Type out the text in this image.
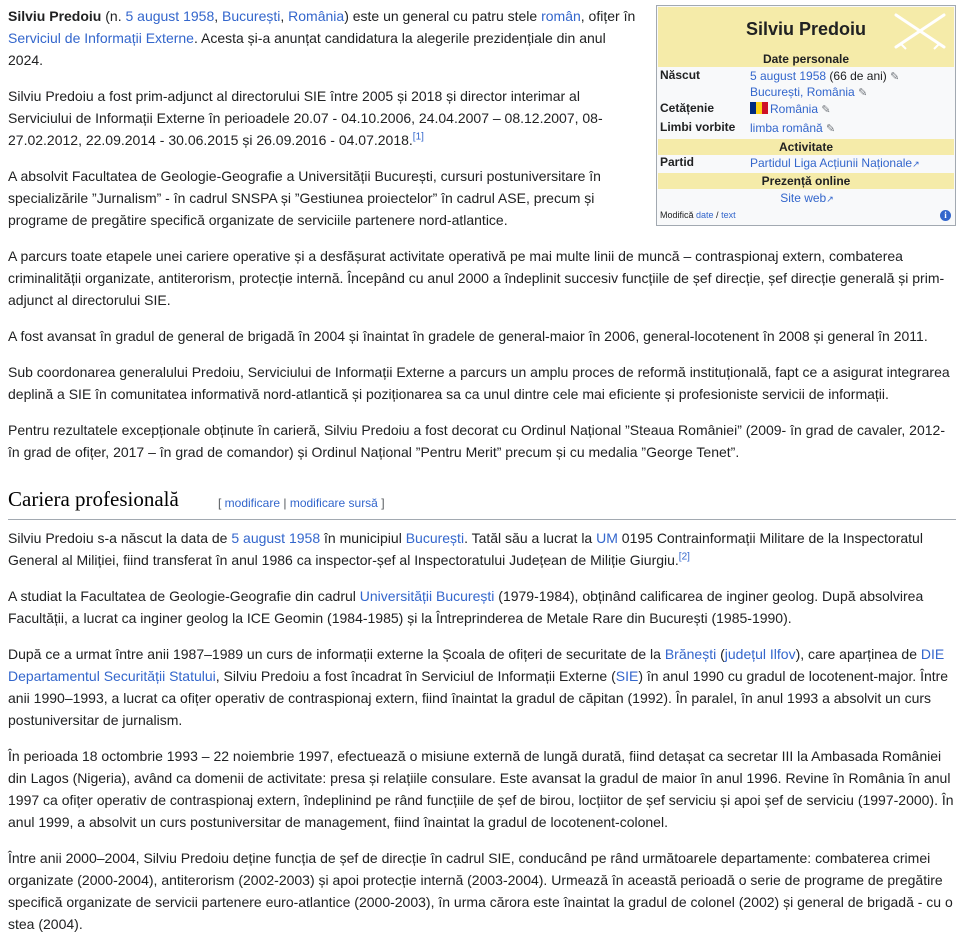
Silviu Predoiu (n. 5 august 1958, București, România) este un general cu patru stele român, ofițer în Serviciul de Informații Externe. Acesta și-a anunțat candidatura la alegerile prezidențiale din anul 2024.

Silviu Predoiu a fost prim-adjunct al directorului SIE între 2005 și 2018 și director interimar al Serviciului de Informații Externe în perioadele 20.07 - 04.10.2006, 24.04.2007 – 08.12.2007, 08-27.02.2012, 22.09.2014 - 30.06.2015 și 26.09.2016 - 04.07.2018.[1]

A absolvit Facultatea de Geologie-Geografie a Universității București, cursuri postuniversitare în specializările ”Jurnalism” - în cadrul SNSPA și ”Gestiunea proiectelor” în cadrul ASE, precum și programe de pregătire specifică organizate de serviciile partenere nord-atlantice.

A parcurs toate etapele unei cariere operative și a desfășurat activitate operativă pe mai multe linii de muncă – contraspionaj extern, combaterea criminalității organizate, antiterorism, protecție internă. Începând cu anul 2000 a îndeplinit succesiv funcțiile de șef direcție, șef direcție generală și prim-adjunct al directorului SIE.

A fost avansat în gradul de general de brigadă în 2004 și înaintat în gradele de general-maior în 2006, general-locotenent în 2008 și general în 2011.

Sub coordonarea generalului Predoiu, Serviciului de Informații Externe a parcurs un amplu proces de reformă instituțională, fapt ce a asigurat integrarea deplină a SIE în comunitatea informativă nord-atlantică și poziționarea sa ca unul dintre cele mai eficiente și profesioniste servicii de informații.

Pentru rezultatele excepționale obținute în carieră, Silviu Predoiu a fost decorat cu Ordinul Național ”Steaua României” (2009- în grad de cavaler, 2012- în grad de ofițer, 2017 – în grad de comandor) și Ordinul Național ”Pentru Merit” precum și cu medalia ”George Tenet”.

Silviu Predoiu s-a născut la data de 5 august 1958 în municipiul București. Tatăl său a lucrat la UM 0195 Contrainformații Militare de la Inspectoratul General al Miliției, fiind transferat în anul 1986 ca inspector-șef al Inspectoratului Județean de Miliție Giurgiu.[2]

A studiat la Facultatea de Geologie-Geografie din cadrul Universității București (1979-1984), obținând calificarea de inginer geolog. După absolvirea Facultății, a lucrat ca inginer geolog la ICE Geomin (1984-1985) și la Întreprinderea de Metale Rare din București (1985-1990).

După ce a urmat între anii 1987–1989 un curs de informații externe la Școala de ofițeri de securitate de la Brănești (județul Ilfov), care aparținea de DIE Departamentul Securității Statului, Silviu Predoiu a fost încadrat în Serviciul de Informații Externe (SIE) în anul 1990 cu gradul de locotenent-major. Între anii 1990–1993, a lucrat ca ofițer operativ de contraspionaj extern, fiind înaintat la gradul de căpitan (1992). În paralel, în anul 1993 a absolvit un curs postuniversitar de jurnalism.

În perioada 18 octombrie 1993 – 22 noiembrie 1997, efectuează o misiune externă de lungă durată, fiind detașat ca secretar III la Ambasada României din Lagos (Nigeria), având ca domenii de activitate: presa și relațiile consulare. Este avansat la gradul de maior în anul 1996. Revine în România în anul 1997 ca ofițer operativ de contraspionaj extern, îndeplinind pe rând funcțiile de șef de birou, locțiitor de șef serviciu și apoi șef de serviciu (1997-2000). În anul 1999, a absolvit un curs postuniversitar de management, fiind înaintat la gradul de locotenent-colonel.

Între anii 2000–2004, Silviu Predoiu deține funcția de șef de direcție în cadrul SIE, conducând pe rând următoarele departamente: combaterea crimei organizate (2000-2004), antiterorism (2002-2003) și apoi protecție internă (2003-2004). Urmează în această perioadă o serie de programe de pregătire specifică organizate de servicii partenere euro-atlantice (2000-2003), în urma cărora este înaintat la gradul de colonel (2002) și general de brigadă - cu o stea (2004).

Cariera profesională	[ modificare | modificare sursă ]
Silviu Predoiu
Date personale
Născut	5 august 1958 (66 de ani) ✎
București, România ✎
Cetățenie	România ✎
Limbi vorbite limba română ✎
Activitate
Partid	Partidul Liga Acțiunii Naționale↗
Prezență online
Site web↗
Modifică date / text	i
